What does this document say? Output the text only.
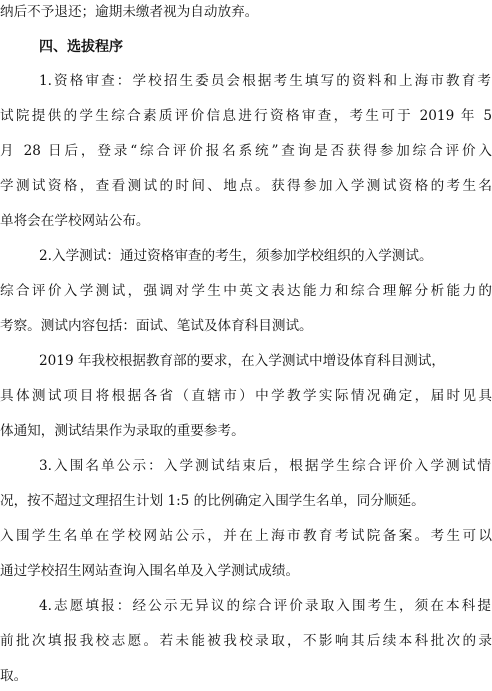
纳后不予退还；逾期未缴者视为自动放弃。
四、选拔程序
1.资格审查：学校招生委员会根据考生填写的资料和上海市教育考
试院提供的学生综合素质评价信息进行资格审查，考生可于 2019 年 5
月 28 日后，登录“综合评价报名系统”查询是否获得参加综合评价入
学测试资格，查看测试的时间、地点。获得参加入学测试资格的考生名
单将会在学校网站公布。
2.入学测试：通过资格审查的考生，须参加学校组织的入学测试。
综合评价入学测试，强调对学生中英文表达能力和综合理解分析能力的
考察。测试内容包括：面试、笔试及体育科目测试。
2019 年我校根据教育部的要求，在入学测试中增设体育科目测试，
具体测试项目将根据各省（直辖市）中学教学实际情况确定，届时见具
体通知，测试结果作为录取的重要参考。
3.入围名单公示：入学测试结束后，根据学生综合评价入学测试情
况，按不超过文理招生计划 1:5 的比例确定入围学生名单，同分顺延。
入围学生名单在学校网站公示，并在上海市教育考试院备案。考生可以
通过学校招生网站查询入围名单及入学测试成绩。
4.志愿填报：经公示无异议的综合评价录取入围考生，须在本科提
前批次填报我校志愿。若未能被我校录取，不影响其后续本科批次的录
取。
